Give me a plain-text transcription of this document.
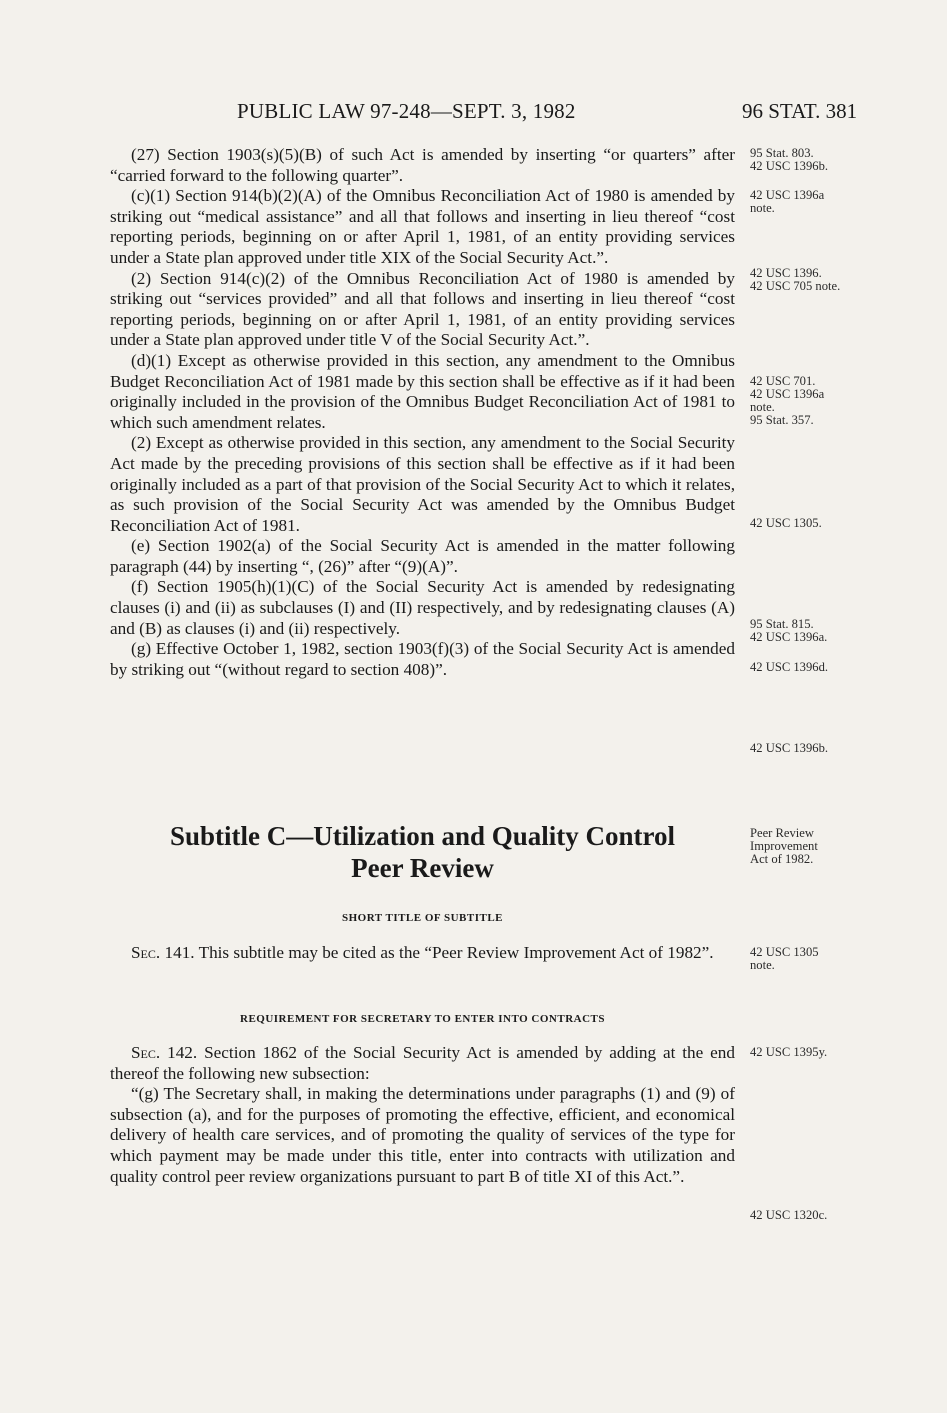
PUBLIC LAW 97-248—SEPT. 3, 1982	96 STAT. 381

(27) Section 1903(s)(5)(B) of such Act is amended by inserting “or quarters” after “carried forward to the following quarter”.

(c)(1) Section 914(b)(2)(A) of the Omnibus Reconciliation Act of 1980 is amended by striking out “medical assistance” and all that follows and inserting in lieu thereof “cost reporting periods, beginning on or after April 1, 1981, of an entity providing services under a State plan approved under title XIX of the Social Security Act.”.

(2) Section 914(c)(2) of the Omnibus Reconciliation Act of 1980 is amended by striking out “services provided” and all that follows and inserting in lieu thereof “cost reporting periods, beginning on or after April 1, 1981, of an entity providing services under a State plan approved under title V of the Social Security Act.”.

(d)(1) Except as otherwise provided in this section, any amendment to the Omnibus Budget Reconciliation Act of 1981 made by this section shall be effective as if it had been originally included in the provision of the Omnibus Budget Reconciliation Act of 1981 to which such amendment relates.

(2) Except as otherwise provided in this section, any amendment to the Social Security Act made by the preceding provisions of this section shall be effective as if it had been originally included as a part of that provision of the Social Security Act to which it relates, as such provision of the Social Security Act was amended by the Omnibus Budget Reconciliation Act of 1981.

(e) Section 1902(a) of the Social Security Act is amended in the matter following paragraph (44) by inserting “, (26)” after “(9)(A)”.

(f) Section 1905(h)(1)(C) of the Social Security Act is amended by redesignating clauses (i) and (ii) as subclauses (I) and (II) respectively, and by redesignating clauses (A) and (B) as clauses (i) and (ii) respectively.

(g) Effective October 1, 1982, section 1903(f)(3) of the Social Security Act is amended by striking out “(without regard to section 408)”.

Subtitle C—Utilization and Quality Control
Peer Review
SHORT TITLE OF SUBTITLE

Sec. 141. This subtitle may be cited as the “Peer Review Improvement Act of 1982”.

REQUIREMENT FOR SECRETARY TO ENTER INTO CONTRACTS

Sec. 142. Section 1862 of the Social Security Act is amended by adding at the end thereof the following new subsection:

“(g) The Secretary shall, in making the determinations under paragraphs (1) and (9) of subsection (a), and for the purposes of promoting the effective, efficient, and economical delivery of health care services, and of promoting the quality of services of the type for which payment may be made under this title, enter into contracts with utilization and quality control peer review organizations pursuant to part B of title XI of this Act.”.

95 Stat. 803.
42 USC 1396b.
42 USC 1396a
note.
42 USC 1396.
42 USC 705 note.
42 USC 701.
42 USC 1396a
note.
95 Stat. 357.
42 USC 1305.
95 Stat. 815.
42 USC 1396a.
42 USC 1396d.
42 USC 1396b.
Peer Review
Improvement
Act of 1982.
42 USC 1305
note.
42 USC 1395y.
42 USC 1320c.
